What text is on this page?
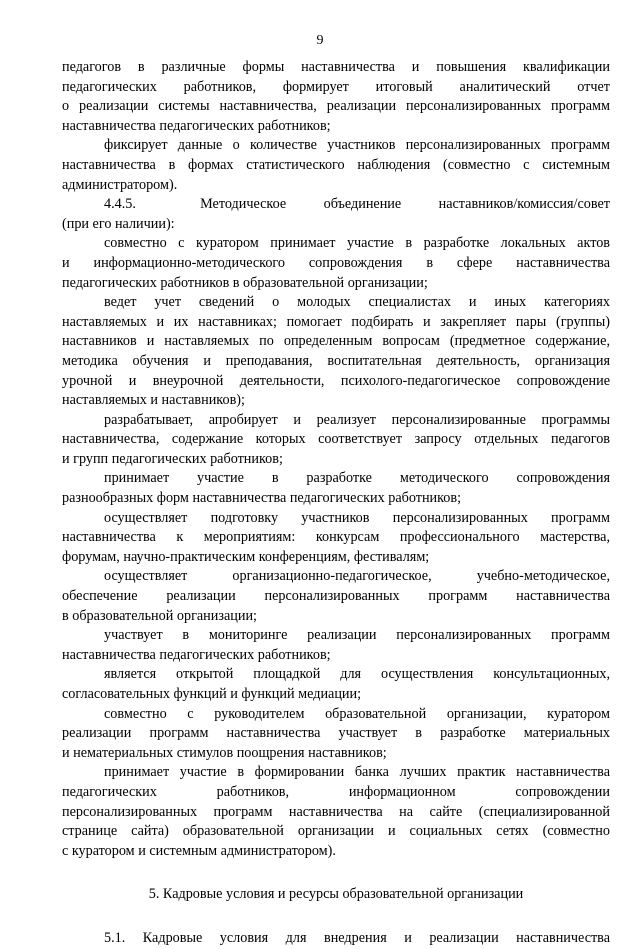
9
педагогов в различные формы наставничества и повышения квалификации
педагогических работников, формирует итоговый аналитический отчет
о реализации системы наставничества, реализации персонализированных программ
наставничества педагогических работников;
фиксирует данные о количестве участников персонализированных программ
наставничества в формах статистического наблюдения (совместно с системным
администратором).
4.4.5.            Методическое       объединение       наставников/комиссия/совет
(при его наличии):
совместно с куратором принимает участие в разработке локальных актов
и информационно-методического сопровождения в сфере наставничества
педагогических работников в образовательной организации;
ведет учет сведений о молодых специалистах и иных категориях
наставляемых и их наставниках; помогает подбирать и закрепляет пары (группы)
наставников и наставляемых по определенным вопросам (предметное содержание,
методика обучения и преподавания, воспитательная деятельность, организация
урочной и внеурочной деятельности, психолого-педагогическое сопровождение
наставляемых и наставников);
разрабатывает, апробирует и реализует персонализированные программы
наставничества, содержание которых соответствует запросу отдельных педагогов
и групп педагогических работников;
принимает участие в разработке методического сопровождения
разнообразных форм наставничества педагогических работников;
осуществляет подготовку участников персонализированных программ
наставничества к мероприятиям: конкурсам профессионального мастерства,
форумам, научно-практическим конференциям, фестивалям;
осуществляет организационно-педагогическое, учебно-методическое,
обеспечение реализации персонализированных программ наставничества
в образовательной организации;
участвует в мониторинге реализации персонализированных программ
наставничества педагогических работников;
является открытой площадкой для осуществления консультационных,
согласовательных функций и функций медиации;
совместно с руководителем образовательной организации, куратором
реализации программ наставничества участвует в разработке материальных
и нематериальных стимулов поощрения наставников;
принимает участие в формировании банка лучших практик наставничества
педагогических работников, информационном сопровождении
персонализированных программ наставничества на сайте (специализированной
странице сайта) образовательной организации и социальных сетях (совместно
с куратором и системным администратором).
5. Кадровые условия и ресурсы образовательной организации
5.1. Кадровые условия для внедрения и реализации наставничества
